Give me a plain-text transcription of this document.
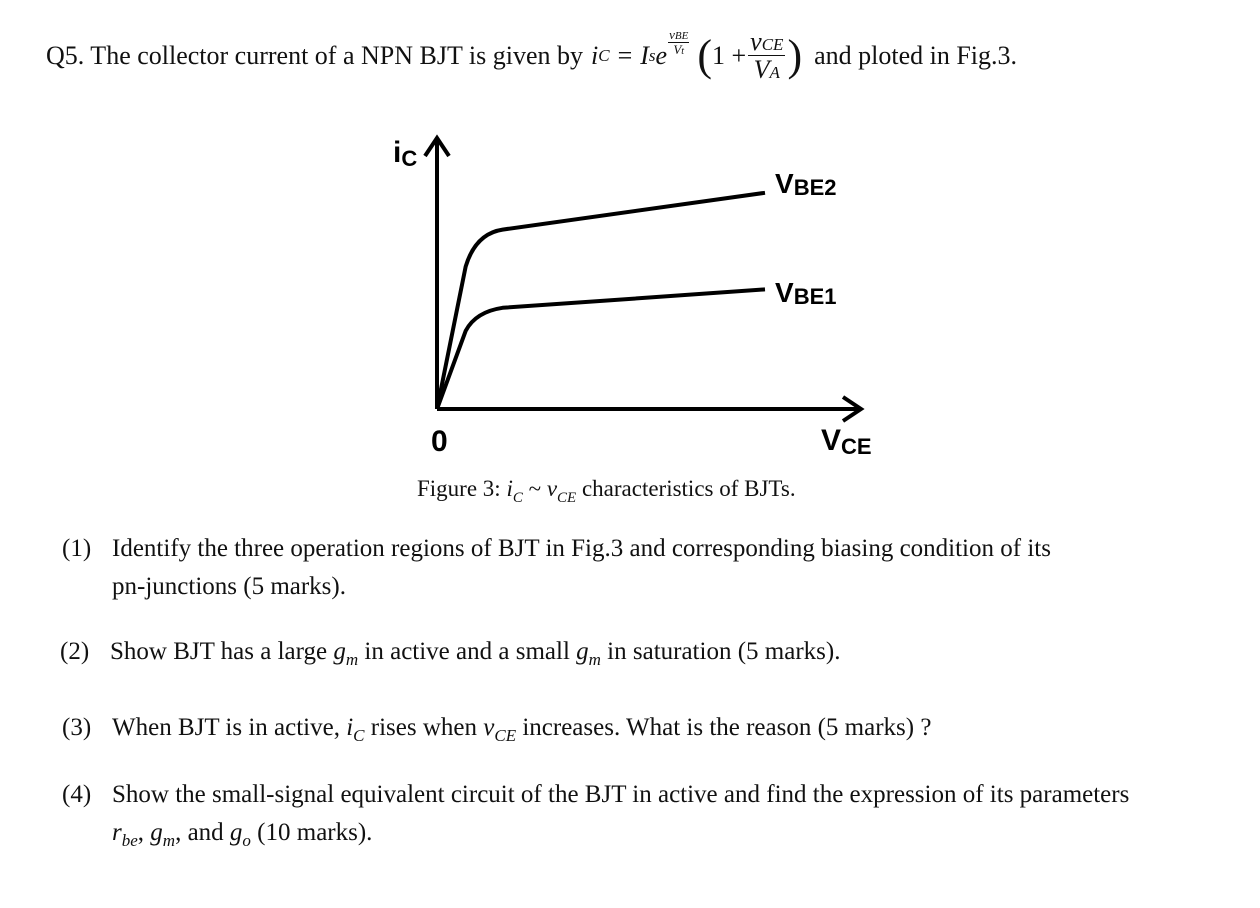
Q5. The collector current of a NPN BJT is given by i C = I s e $\frac{\text{vBE}}{Vt}$ ( $1 + \frac{\text{vCE}}{VA}$ ) and ploted in Fig.3.
iC
0	VCE
VBE2
VBE1
Figure 3: $i_C$ ~ $v_{CE}$ characteristics of BJTs.
(1) Identify the three operation regions of BJT in Fig.3 and corresponding biasing condition of its
pn-junctions (5 marks).
(2) Show BJT has a large $g_m$ in active and a small $g_m$ in saturation (5 marks).
(3) When BJT is in active, $i_C$ rises when $v_{CE}$ increases. What is the reason (5 marks) ?
(4) Show the small-signal equivalent circuit of the BJT in active and find the expression of its parameters
$r_{be}$, $g_m$, and $g_o$ (10 marks).
